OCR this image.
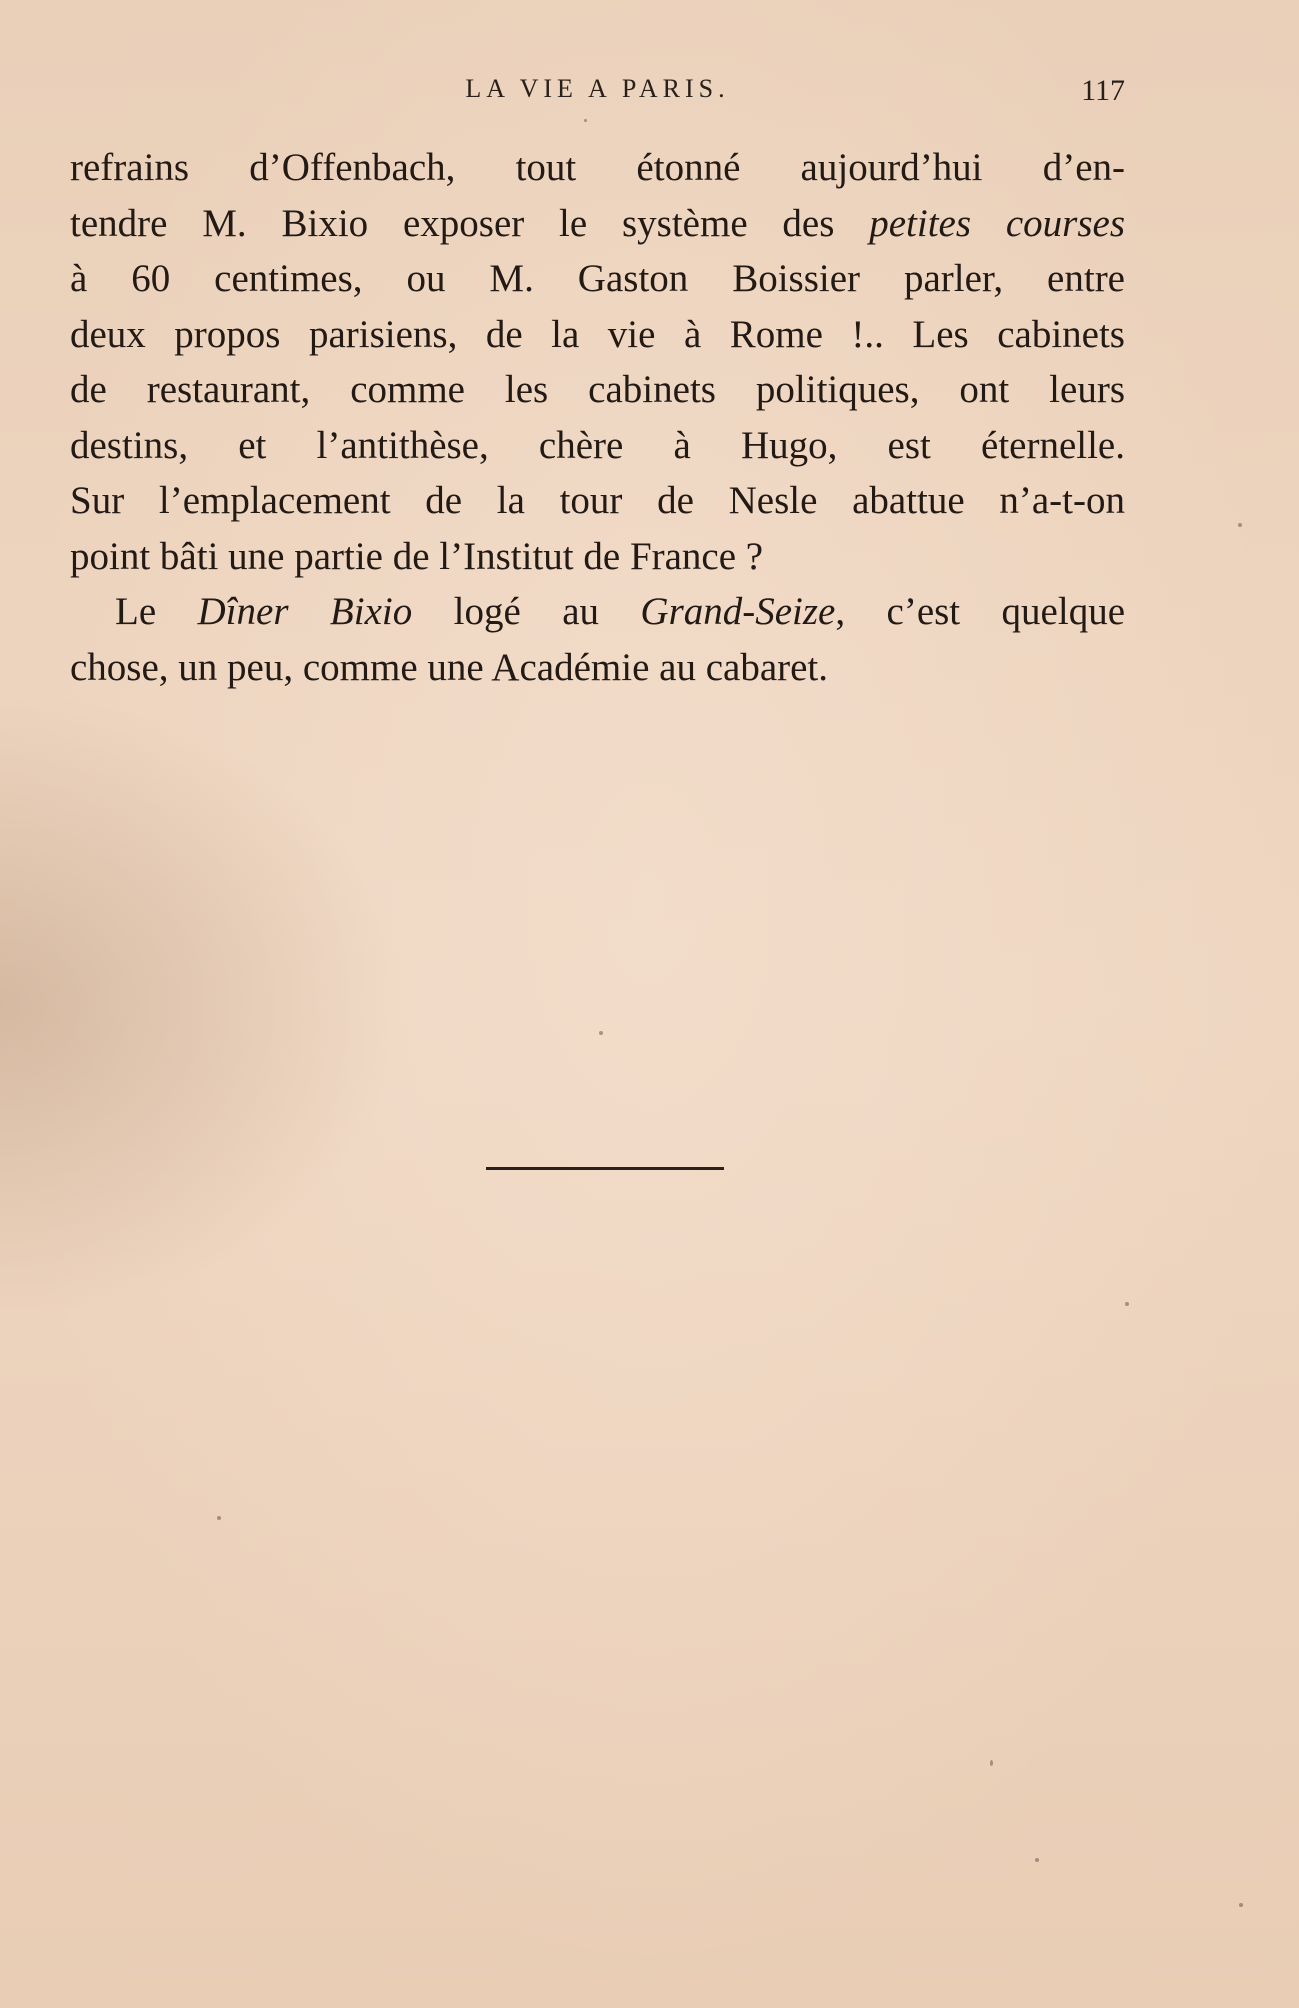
LA VIE A PARIS.	117
refrains d’Offenbach, tout étonné aujourd’hui d’en-
tendre M. Bixio exposer le système des petites courses
à 60 centimes, ou M. Gaston Boissier parler, entre
deux propos parisiens, de la vie à Rome !.. Les cabinets
de restaurant, comme les cabinets politiques, ont leurs
destins, et l’antithèse, chère à Hugo, est éternelle.
Sur l’emplacement de la tour de Nesle abattue n’a-t-on
point bâti une partie de l’Institut de France ?
Le Dîner Bixio logé au Grand-Seize, c’est quelque
chose, un peu, comme une Académie au cabaret.
